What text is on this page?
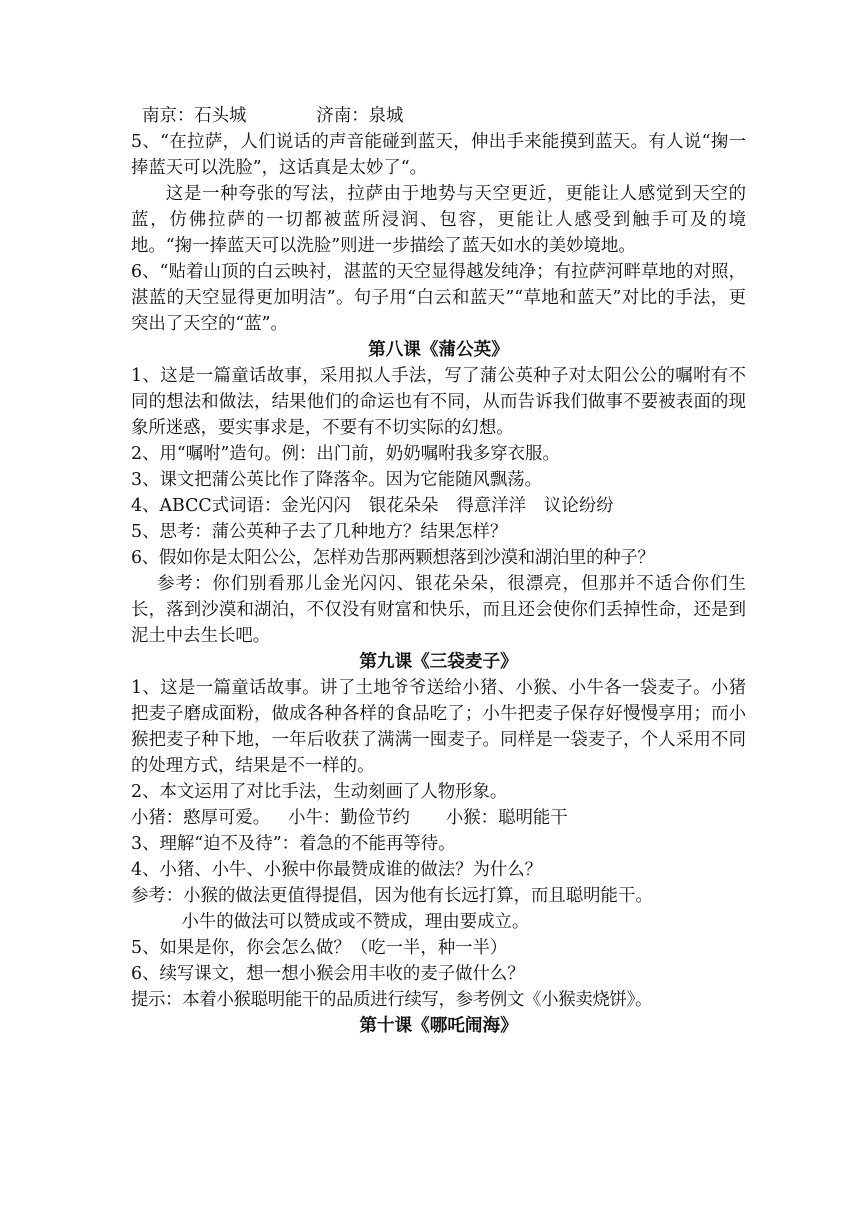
南京：石头城	济南：泉城

5、“在拉萨，人们说话的声音能碰到蓝天，伸出手来能摸到蓝天。有人说“掬一捧蓝天可以洗脸”，这话真是太妙了“。

这是一种夸张的写法，拉萨由于地势与天空更近，更能让人感觉到天空的蓝，仿佛拉萨的一切都被蓝所浸润、包容，更能让人感受到触手可及的境地。“掬一捧蓝天可以洗脸”则进一步描绘了蓝天如水的美妙境地。

6、“贴着山顶的白云映衬，湛蓝的天空显得越发纯净；有拉萨河畔草地的对照，湛蓝的天空显得更加明洁”。句子用“白云和蓝天”“草地和蓝天”对比的手法，更突出了天空的“蓝”。

第八课《蒲公英》

1、这是一篇童话故事，采用拟人手法，写了蒲公英种子对太阳公公的嘱咐有不同的想法和做法，结果他们的命运也有不同，从而告诉我们做事不要被表面的现象所迷惑，要实事求是，不要有不切实际的幻想。

2、用“嘱咐”造句。例：出门前，奶奶嘱咐我多穿衣服。

3、课文把蒲公英比作了降落伞。因为它能随风飘荡。

4、ABCC式词语：金光闪闪 银花朵朵 得意洋洋 议论纷纷

5、思考：蒲公英种子去了几种地方？结果怎样？

6、假如你是太阳公公，怎样劝告那两颗想落到沙漠和湖泊里的种子？

参考：你们别看那儿金光闪闪、银花朵朵，很漂亮，但那并不适合你们生长，落到沙漠和湖泊，不仅没有财富和快乐，而且还会使你们丢掉性命，还是到泥土中去生长吧。

第九课《三袋麦子》

1、这是一篇童话故事。讲了土地爷爷送给小猪、小猴、小牛各一袋麦子。小猪把麦子磨成面粉，做成各种各样的食品吃了；小牛把麦子保存好慢慢享用；而小猴把麦子种下地，一年后收获了满满一囤麦子。同样是一袋麦子，个人采用不同的处理方式，结果是不一样的。

2、本文运用了对比手法，生动刻画了人物形象。

小猪：憨厚可爱。 小牛：勤俭节约 小猴：聪明能干

3、理解“迫不及待”：着急的不能再等待。

4、小猪、小牛、小猴中你最赞成谁的做法？为什么？

参考：小猴的做法更值得提倡，因为他有长远打算，而且聪明能干。

小牛的做法可以赞成或不赞成，理由要成立。

5、如果是你，你会怎么做？（吃一半，种一半）

6、续写课文，想一想小猴会用丰收的麦子做什么？

提示：本着小猴聪明能干的品质进行续写，参考例文《小猴卖烧饼》。

第十课《哪吒闹海》
